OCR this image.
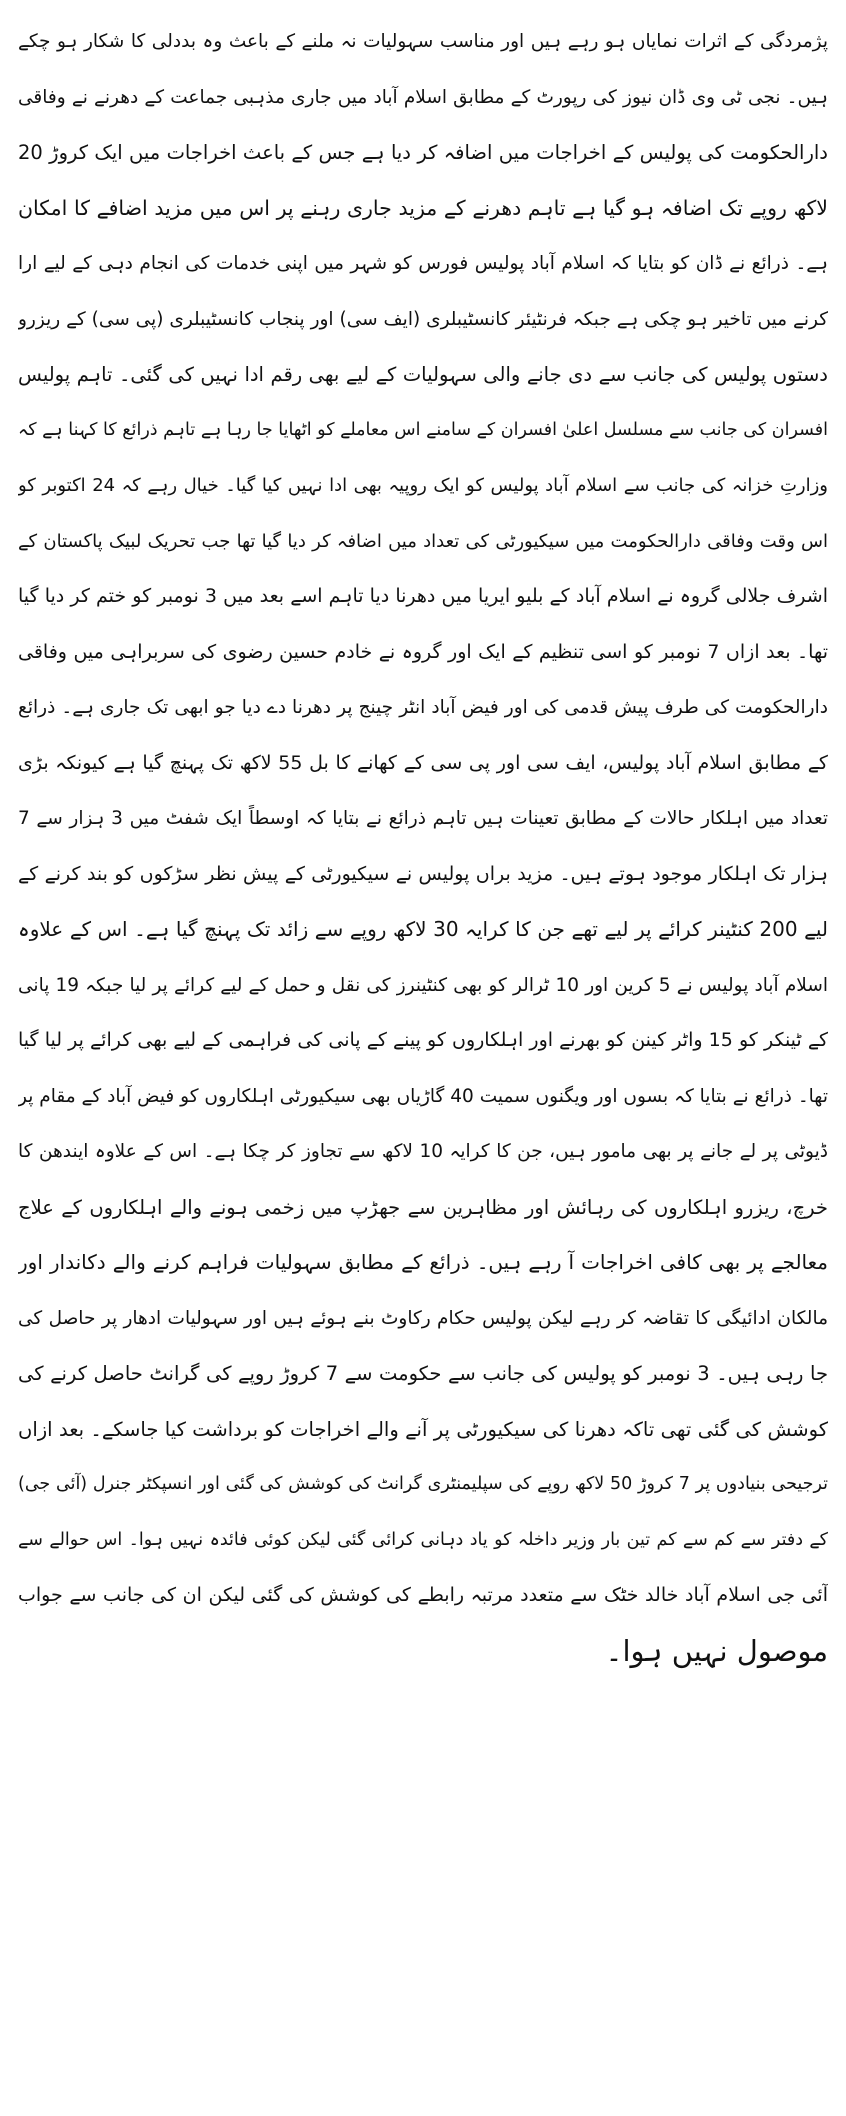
پژمردگی کے اثرات نمایاں ہو رہے ہیں اور مناسب سہولیات نہ ملنے کے باعث وہ بددلی کا شکار ہو چکے
ہیں۔ نجی ٹی وی ڈان نیوز کی رپورٹ کے مطابق اسلام آباد میں جاری مذہبی جماعت کے دھرنے نے وفاقی
دارالحکومت کی پولیس کے اخراجات میں اضافہ کر دیا ہے جس کے باعث اخراجات میں ایک کروڑ 20
لاکھ روپے تک اضافہ ہو گیا ہے تاہم دھرنے کے مزید جاری رہنے پر اس میں مزید اضافے کا امکان
ہے۔ ذرائع نے ڈان کو بتایا کہ اسلام آباد پولیس فورس کو شہر میں اپنی خدمات کی انجام دہی کے لیے ارا
کرنے میں تاخیر ہو چکی ہے جبکہ فرنٹیئر کانسٹیبلری (ایف سی) اور پنجاب کانسٹیبلری (پی سی) کے ریزرو
دستوں پولیس کی جانب سے دی جانے والی سہولیات کے لیے بھی رقم ادا نہیں کی گئی۔ تاہم پولیس
افسران کی جانب سے مسلسل اعلیٰ افسران کے سامنے اس معاملے کو اٹھایا جا رہا ہے تاہم ذرائع کا کہنا ہے کہ
وزارتِ خزانہ کی جانب سے اسلام آباد پولیس کو ایک روپیہ بھی ادا نہیں کیا گیا۔ خیال رہے کہ 24 اکتوبر کو
اس وقت وفاقی دارالحکومت میں سیکیورٹی کی تعداد میں اضافہ کر دیا گیا تھا جب تحریک لبیک پاکستان کے
اشرف جلالی گروہ نے اسلام آباد کے بلیو ایریا میں دھرنا دیا تاہم اسے بعد میں 3 نومبر کو ختم کر دیا گیا
تھا۔ بعد ازاں 7 نومبر کو اسی تنظیم کے ایک اور گروہ نے خادم حسین رضوی کی سربراہی میں وفاقی
دارالحکومت کی طرف پیش قدمی کی اور فیض آباد انٹر چینج پر دھرنا دے دیا جو ابھی تک جاری ہے۔ ذرائع
کے مطابق اسلام آباد پولیس، ایف سی اور پی سی کے کھانے کا بل 55 لاکھ تک پہنچ گیا ہے کیونکہ بڑی
تعداد میں اہلکار حالات کے مطابق تعینات ہیں تاہم ذرائع نے بتایا کہ اوسطاً ایک شفٹ میں 3 ہزار سے 7
ہزار تک اہلکار موجود ہوتے ہیں۔ مزید براں پولیس نے سیکیورٹی کے پیش نظر سڑکوں کو بند کرنے کے
لیے 200 کنٹینر کرائے پر لیے تھے جن کا کرایہ 30 لاکھ روپے سے زائد تک پہنچ گیا ہے۔ اس کے علاوہ
اسلام آباد پولیس نے 5 کرین اور 10 ٹرالر کو بھی کنٹینرز کی نقل و حمل کے لیے کرائے پر لیا جبکہ 19 پانی
کے ٹینکر کو 15 واٹر کینن کو بھرنے اور اہلکاروں کو پینے کے پانی کی فراہمی کے لیے بھی کرائے پر لیا گیا
تھا۔ ذرائع نے بتایا کہ بسوں اور ویگنوں سمیت 40 گاڑیاں بھی سیکیورٹی اہلکاروں کو فیض آباد کے مقام پر
ڈیوٹی پر لے جانے پر بھی مامور ہیں، جن کا کرایہ 10 لاکھ سے تجاوز کر چکا ہے۔ اس کے علاوہ ایندھن کا
خرچ، ریزرو اہلکاروں کی رہائش اور مظاہرین سے جھڑپ میں زخمی ہونے والے اہلکاروں کے علاج
معالجے پر بھی کافی اخراجات آ رہے ہیں۔ ذرائع کے مطابق سہولیات فراہم کرنے والے دکاندار اور
مالکان ادائیگی کا تقاضہ کر رہے لیکن پولیس حکام رکاوٹ بنے ہوئے ہیں اور سہولیات ادھار پر حاصل کی
جا رہی ہیں۔ 3 نومبر کو پولیس کی جانب سے حکومت سے 7 کروڑ روپے کی گرانٹ حاصل کرنے کی
کوشش کی گئی تھی تاکہ دھرنا کی سیکیورٹی پر آنے والے اخراجات کو برداشت کیا جاسکے۔ بعد ازاں
ترجیحی بنیادوں پر 7 کروڑ 50 لاکھ روپے کی سپلیمنٹری گرانٹ کی کوشش کی گئی اور انسپکٹر جنرل (آئی جی)
کے دفتر سے کم سے کم تین بار وزیر داخلہ کو یاد دہانی کرائی گئی لیکن کوئی فائدہ نہیں ہوا۔ اس حوالے سے
آئی جی اسلام آباد خالد خٹک سے متعدد مرتبہ رابطے کی کوشش کی گئی لیکن ان کی جانب سے جواب
موصول نہیں ہوا۔
